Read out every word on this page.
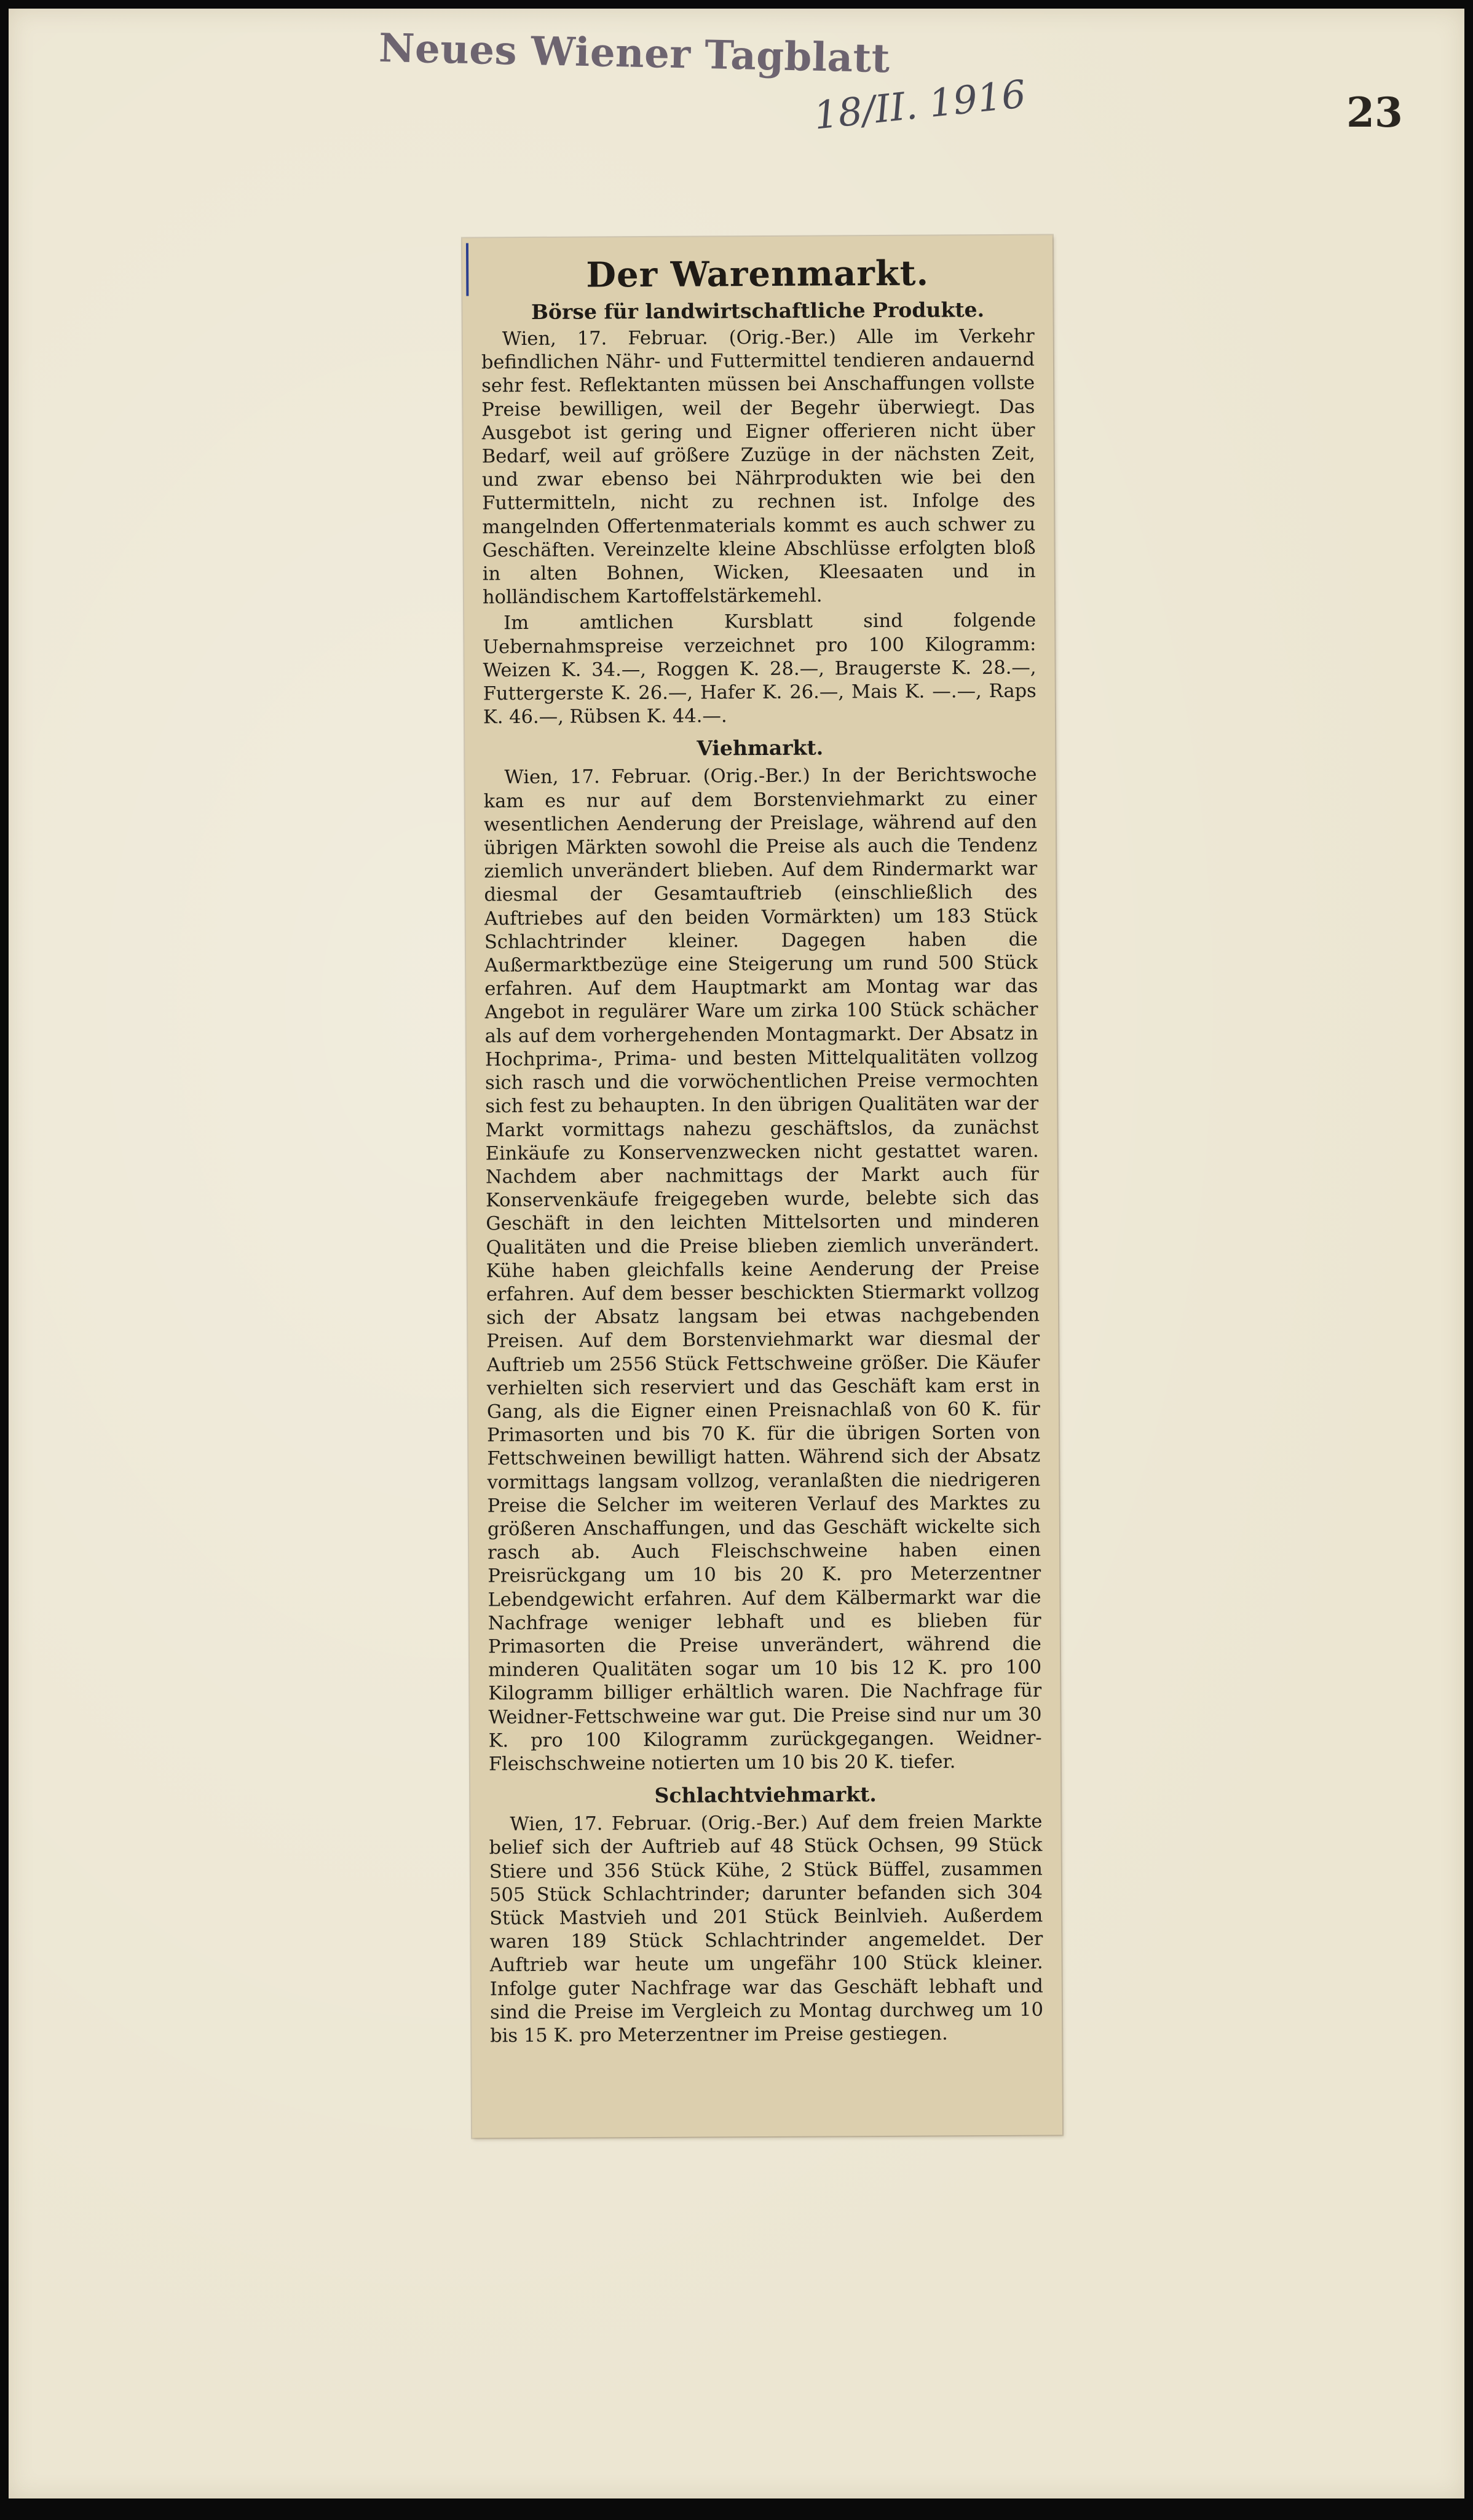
Neues Wiener Tagblatt
18/II. 1916	23
Der Warenmarkt.
Börse für landwirtschaftliche Produkte.

Wien, 17. Februar. (Orig.-Ber.) Alle im Verkehr befindlichen Nähr- und Futtermittel tendieren andauernd sehr fest. Reflektanten müssen bei Anschaffungen vollste Preise bewilligen, weil der Begehr überwiegt. Das Ausgebot ist gering und Eigner offerieren nicht über Bedarf, weil auf größere Zuzüge in der nächsten Zeit, und zwar ebenso bei Nährprodukten wie bei den Futtermitteln, nicht zu rechnen ist. Infolge des mangelnden Offertenmaterials kommt es auch schwer zu Geschäften. Vereinzelte kleine Abschlüsse erfolgten bloß in alten Bohnen, Wicken, Kleesaaten und in holländischem Kartoffelstärkemehl.

Im amtlichen Kursblatt sind folgende Uebernahmspreise verzeichnet pro 100 Kilogramm: Weizen K. 34.—, Roggen K. 28.—, Braugerste K. 28.—, Futtergerste K. 26.—, Hafer K. 26.—, Mais K. —.—, Raps K. 46.—, Rübsen K. 44.—.

Viehmarkt.

Wien, 17. Februar. (Orig.-Ber.) In der Berichtswoche kam es nur auf dem Borstenviehmarkt zu einer wesentlichen Aenderung der Preislage, während auf den übrigen Märkten sowohl die Preise als auch die Tendenz ziemlich unverändert blieben. Auf dem Rindermarkt war diesmal der Gesamtauftrieb (einschließlich des Auftriebes auf den beiden Vormärkten) um 183 Stück Schlachtrinder kleiner. Dagegen haben die Außermarktbezüge eine Steigerung um rund 500 Stück erfahren. Auf dem Hauptmarkt am Montag war das Angebot in regulärer Ware um zirka 100 Stück schächer als auf dem vorhergehenden Montagmarkt. Der Absatz in Hochprima-, Prima- und besten Mittelqualitäten vollzog sich rasch und die vorwöchentlichen Preise vermochten sich fest zu behaupten. In den übrigen Qualitäten war der Markt vormittags nahezu geschäftslos, da zunächst Einkäufe zu Konservenzwecken nicht gestattet waren. Nachdem aber nachmittags der Markt auch für Konservenkäufe freigegeben wurde, belebte sich das Geschäft in den leichten Mittelsorten und minderen Qualitäten und die Preise blieben ziemlich unverändert. Kühe haben gleichfalls keine Aenderung der Preise erfahren. Auf dem besser beschickten Stiermarkt vollzog sich der Absatz langsam bei etwas nachgebenden Preisen. Auf dem Borstenviehmarkt war diesmal der Auftrieb um 2556 Stück Fettschweine größer. Die Käufer verhielten sich reserviert und das Geschäft kam erst in Gang, als die Eigner einen Preisnachlaß von 60 K. für Primasorten und bis 70 K. für die übrigen Sorten von Fettschweinen bewilligt hatten. Während sich der Absatz vormittags langsam vollzog, veranlaßten die niedrigeren Preise die Selcher im weiteren Verlauf des Marktes zu größeren Anschaffungen, und das Geschäft wickelte sich rasch ab. Auch Fleischschweine haben einen Preisrückgang um 10 bis 20 K. pro Meterzentner Lebendgewicht erfahren. Auf dem Kälbermarkt war die Nachfrage weniger lebhaft und es blieben für Primasorten die Preise unverändert, während die minderen Qualitäten sogar um 10 bis 12 K. pro 100 Kilogramm billiger erhältlich waren. Die Nachfrage für Weidner-Fettschweine war gut. Die Preise sind nur um 30 K. pro 100 Kilogramm zurückgegangen. Weidner-Fleischschweine notierten um 10 bis 20 K. tiefer.

Schlachtviehmarkt.

Wien, 17. Februar. (Orig.-Ber.) Auf dem freien Markte belief sich der Auftrieb auf 48 Stück Ochsen, 99 Stück Stiere und 356 Stück Kühe, 2 Stück Büffel, zusammen 505 Stück Schlachtrinder; darunter befanden sich 304 Stück Mastvieh und 201 Stück Beinlvieh. Außerdem waren 189 Stück Schlachtrinder angemeldet. Der Auftrieb war heute um ungefähr 100 Stück kleiner. Infolge guter Nachfrage war das Geschäft lebhaft und sind die Preise im Vergleich zu Montag durchweg um 10 bis 15 K. pro Meterzentner im Preise gestiegen.
